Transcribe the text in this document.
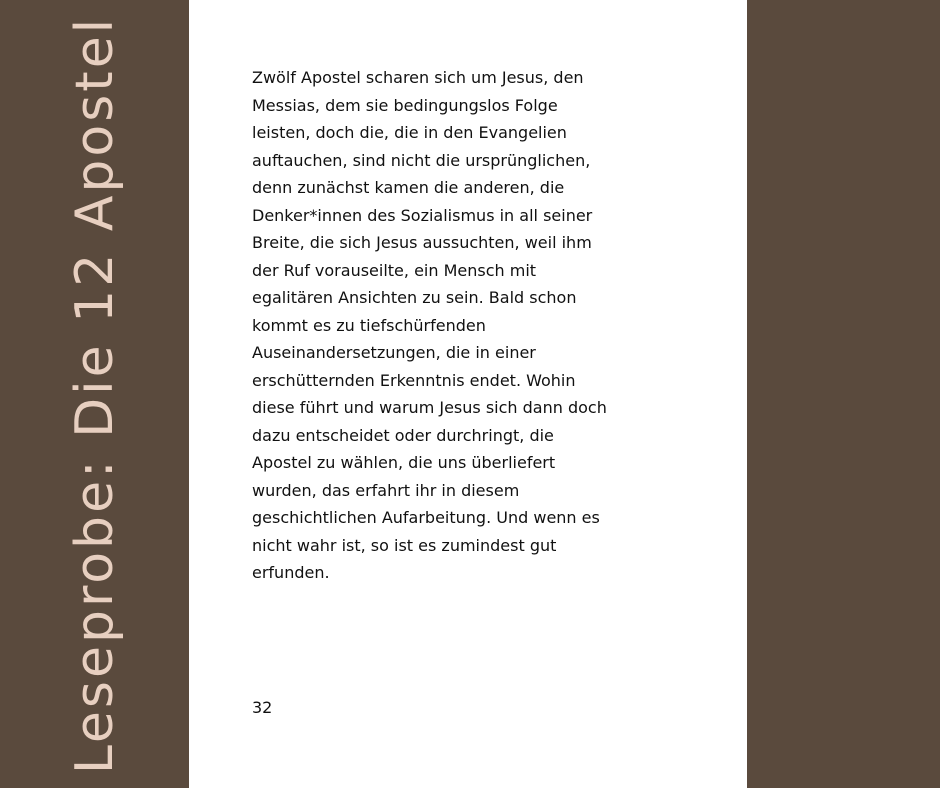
Leseprobe: Die 12 Apostel	Zwölf Apostel scharen sich um Jesus, den
Messias, dem sie bedingungslos Folge
leisten, doch die, die in den Evangelien
auftauchen, sind nicht die ursprünglichen,
denn zunächst kamen die anderen, die
Denker*innen des Sozialismus in all seiner
Breite, die sich Jesus aussuchten, weil ihm
der Ruf vorauseilte, ein Mensch mit
egalitären Ansichten zu sein. Bald schon
kommt es zu tiefschürfenden
Auseinandersetzungen, die in einer
erschütternden Erkenntnis endet. Wohin
diese führt und warum Jesus sich dann doch
dazu entscheidet oder durchringt, die
Apostel zu wählen, die uns überliefert
wurden, das erfahrt ihr in diesem
geschichtlichen Aufarbeitung. Und wenn es
nicht wahr ist, so ist es zumindest gut
erfunden.

32
